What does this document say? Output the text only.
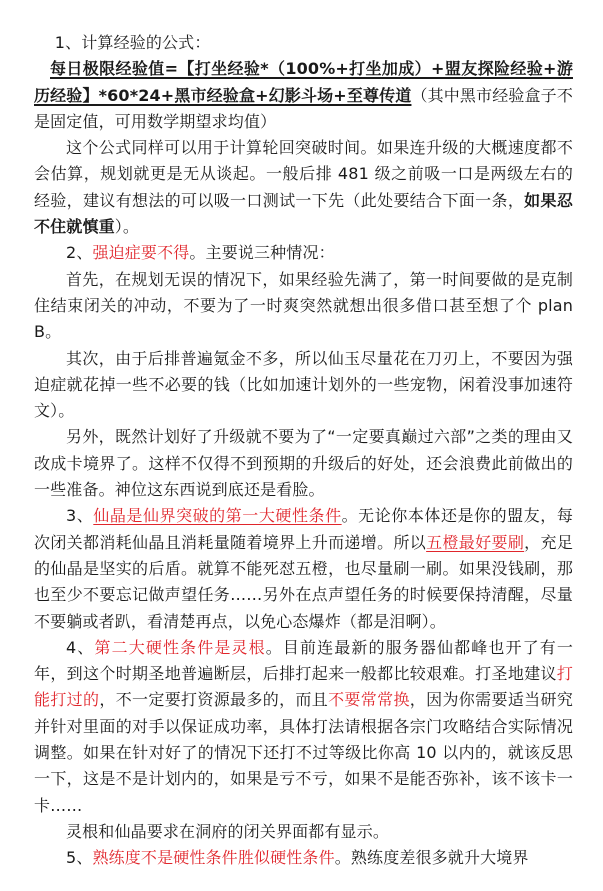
1、计算经验的公式：

每日极限经验值=【打坐经验*（100%+打坐加成）+盟友探险经验+游历经验】*60*24+黑市经验盒+幻影斗场+至尊传道（其中黑市经验盒子不是固定值，可用数学期望求均值）

这个公式同样可以用于计算轮回突破时间。如果连升级的大概速度都不会估算，规划就更是无从谈起。一般后排 481 级之前吸一口是两级左右的经验，建议有想法的可以吸一口测试一下先（此处要结合下面一条，如果忍不住就慎重）。

2、强迫症要不得。主要说三种情况：

首先，在规划无误的情况下，如果经验先满了，第一时间要做的是克制住结束闭关的冲动，不要为了一时爽突然就想出很多借口甚至想了个 plan B。

其次，由于后排普遍氪金不多，所以仙玉尽量花在刀刃上，不要因为强迫症就花掉一些不必要的钱（比如加速计划外的一些宠物，闲着没事加速符文）。

另外，既然计划好了升级就不要为了“一定要真巅过六部”之类的理由又改成卡境界了。这样不仅得不到预期的升级后的好处，还会浪费此前做出的一些准备。神位这东西说到底还是看脸。

3、仙晶是仙界突破的第一大硬性条件。无论你本体还是你的盟友，每次闭关都消耗仙晶且消耗量随着境界上升而递增。所以五橙最好要刷，充足的仙晶是坚实的后盾。就算不能死怼五橙，也尽量刷一刷。如果没钱刷，那也至少不要忘记做声望任务……另外在点声望任务的时候要保持清醒，尽量不要躺或者趴，看清楚再点，以免心态爆炸（都是泪啊）。

4、第二大硬性条件是灵根。目前连最新的服务器仙都峰也开了有一年，到这个时期圣地普遍断层，后排打起来一般都比较艰难。打圣地建议打能打过的，不一定要打资源最多的，而且不要常常换，因为你需要适当研究并针对里面的对手以保证成功率，具体打法请根据各宗门攻略结合实际情况调整。如果在针对好了的情况下还打不过等级比你高 10 以内的，就该反思一下，这是不是计划内的，如果是亏不亏，如果不是能否弥补，该不该卡一卡……

灵根和仙晶要求在洞府的闭关界面都有显示。

5、熟练度不是硬性条件胜似硬性条件。熟练度差很多就升大境界
